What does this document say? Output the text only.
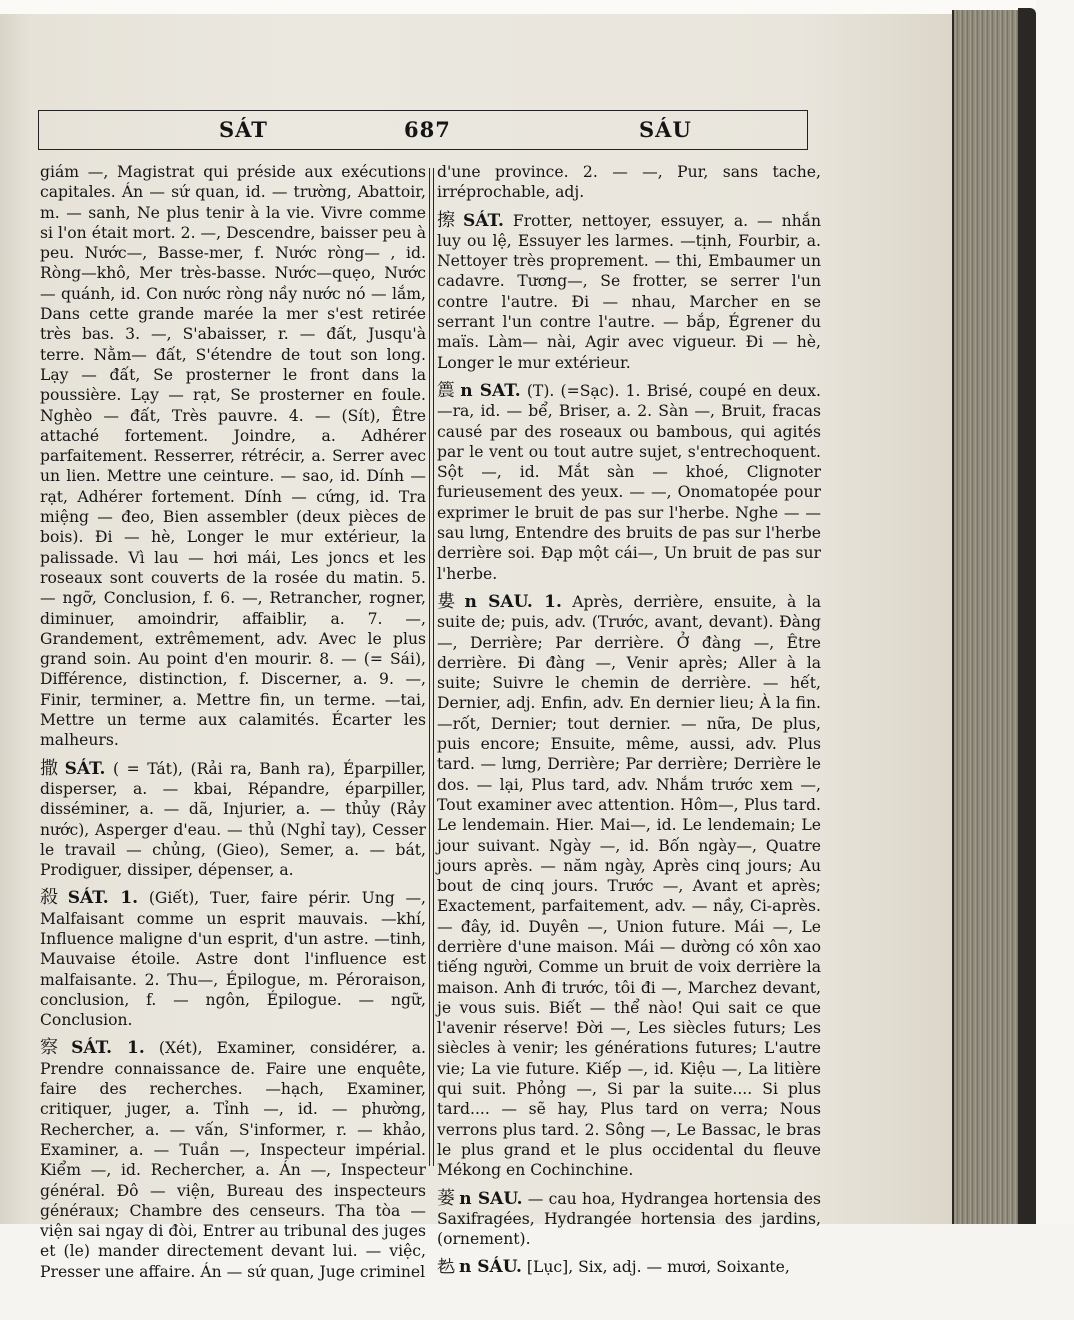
SÁT	687	SÁU

giám —, Magistrat qui préside aux exécutions capitales. Án — sứ quan, id. — trường, Abattoir, m. — sanh, Ne plus tenir à la vie. Vivre comme si l'on était mort. 2. —, Descendre, baisser peu à peu. Nước—, Basse-mer, f. Nước ròng— , id. Ròng—khô, Mer très-basse. Nước—quẹo, Nước— quánh, id. Con nước ròng nầy nước nó — lắm, Dans cette grande marée la mer s'est retirée très bas. 3. —, S'abaisser, r. — đất, Jusqu'à terre. Nằm— đất, S'étendre de tout son long. Lạy — đất, Se prosterner le front dans la poussière. Lạy — rạt, Se prosterner en foule. Nghèo — đất, Très pauvre. 4. — (Sít), Être attaché fortement. Joindre, a. Adhérer parfaitement. Resserrer, rétrécir, a. Serrer avec un lien. Mettre une ceinture. — sao, id. Dính — rạt, Adhérer fortement. Dính — cứng, id. Tra miệng — đeo, Bien assembler (deux pièces de bois). Đi — hè, Longer le mur extérieur, la palissade. Vì lau — hơi mái, Les joncs et les roseaux sont couverts de la rosée du matin. 5. — ngỡ, Conclusion, f. 6. —, Retrancher, rogner, diminuer, amoindrir, affaiblir, a. 7. —, Grandement, extrêmement, adv. Avec le plus grand soin. Au point d'en mourir. 8. — (= Sái), Différence, distinction, f. Discerner, a. 9. —, Finir, terminer, a. Mettre fin, un terme. —tai, Mettre un terme aux calamités. Écarter les malheurs.

撒 SÁT. ( = Tát), (Rải ra, Banh ra), Éparpiller, disperser, a. — kbai, Répandre, éparpiller, disséminer, a. — dã, Injurier, a. — thủy (Rảy nước), Asperger d'eau. — thủ (Nghỉ tay), Cesser le travail — chủng, (Gieo), Semer, a. — bát, Prodiguer, dissiper, dépenser, a.

殺 SÁT. 1. (Giết), Tuer, faire périr. Ung —, Malfaisant comme un esprit mauvais. —khí, Influence maligne d'un esprit, d'un astre. —tinh, Mauvaise étoile. Astre dont l'influence est malfaisante. 2. Thu—, Épilogue, m. Péroraison, conclusion, f. — ngôn, Épilogue. — ngữ, Conclusion.

察 SÁT. 1. (Xét), Examiner, considérer, a. Prendre connaissance de. Faire une enquête, faire des recherches. —hạch, Examiner, critiquer, juger, a. Tỉnh —, id. — phường, Rechercher, a. — vấn, S'informer, r. — khảo, Examiner, a. — Tuần —, Inspecteur impérial. Kiểm —, id. Rechercher, a. Án —, Inspecteur général. Đô — viện, Bureau des inspecteurs généraux; Chambre des censeurs. Tha tòa — viện sai ngay di đòi, Entrer au tribunal des juges et (le) mander directement devant lui. — việc, Presser une affaire. Án — sứ quan, Juge criminel

d'une province. 2. — —, Pur, sans tache, irréprochable, adj.

擦 SÁT. Frotter, nettoyer, essuyer, a. — nhắn luy ou lệ, Essuyer les larmes. —tịnh, Fourbir, a. Nettoyer très proprement. — thi, Embaumer un cadavre. Tương—, Se frotter, se serrer l'un contre l'autre. Đi — nhau, Marcher en se serrant l'un contre l'autre. — bắp, Égrener du maïs. Làm— nài, Agir avec vigueur. Đi — hè, Longer le mur extérieur.

𥵛 n SAT. (T). (=Sạc). 1. Brisé, coupé en deux. —ra, id. — bể, Briser, a. 2. Sàn —, Bruit, fracas causé par des roseaux ou bambous, qui agités par le vent ou tout autre sujet, s'entrechoquent. Sột —, id. Mắt sàn — khoé, Clignoter furieusement des yeux. — —, Onomatopée pour exprimer le bruit de pas sur l'herbe. Nghe — — sau lưng, Entendre des bruits de pas sur l'herbe derrière soi. Đạp một cái—, Un bruit de pas sur l'herbe.

婁 n SAU. 1. Après, derrière, ensuite, à la suite de; puis, adv. (Trước, avant, devant). Đàng —, Derrière; Par derrière. Ở đàng —, Être derrière. Đi đàng —, Venir après; Aller à la suite; Suivre le chemin de derrière. — hết, Dernier, adj. Enfin, adv. En dernier lieu; À la fin. —rốt, Dernier; tout dernier. — nữa, De plus, puis encore; Ensuite, même, aussi, adv. Plus tard. — lưng, Derrière; Par derrière; Derrière le dos. — lại, Plus tard, adv. Nhắm trước xem —, Tout examiner avec attention. Hôm—, Plus tard. Le lendemain. Hier. Mai—, id. Le lendemain; Le jour suivant. Ngày —, id. Bốn ngày—, Quatre jours après. — năm ngày, Après cinq jours; Au bout de cinq jours. Trước —, Avant et après; Exactement, parfaitement, adv. — nầy, Ci-après. — đây, id. Duyên —, Union future. Mái —, Le derrière d'une maison. Mái — dường có xôn xao tiếng người, Comme un bruit de voix derrière la maison. Anh đi trước, tôi đi —, Marchez devant, je vous suis. Biết — thể nào! Qui sait ce que l'avenir réserve! Đời —, Les siècles futurs; Les siècles à venir; les générations futures; L'autre vie; La vie future. Kiếp —, id. Kiệu —, La litière qui suit. Phỏng —, Si par la suite.... Si plus tard.... — sẽ hay, Plus tard on verra; Nous verrons plus tard. 2. Sông —, Le Bassac, le bras le plus grand et le plus occidental du fleuve Mékong en Cochinchine.

蒌 n SAU. — cau hoa, Hydrangea hortensia des Saxifragées, Hydrangée hortensia des jardins, (ornement).

𦒹 n SÁU. [Lục], Six, adj. — mươi, Soixante,
